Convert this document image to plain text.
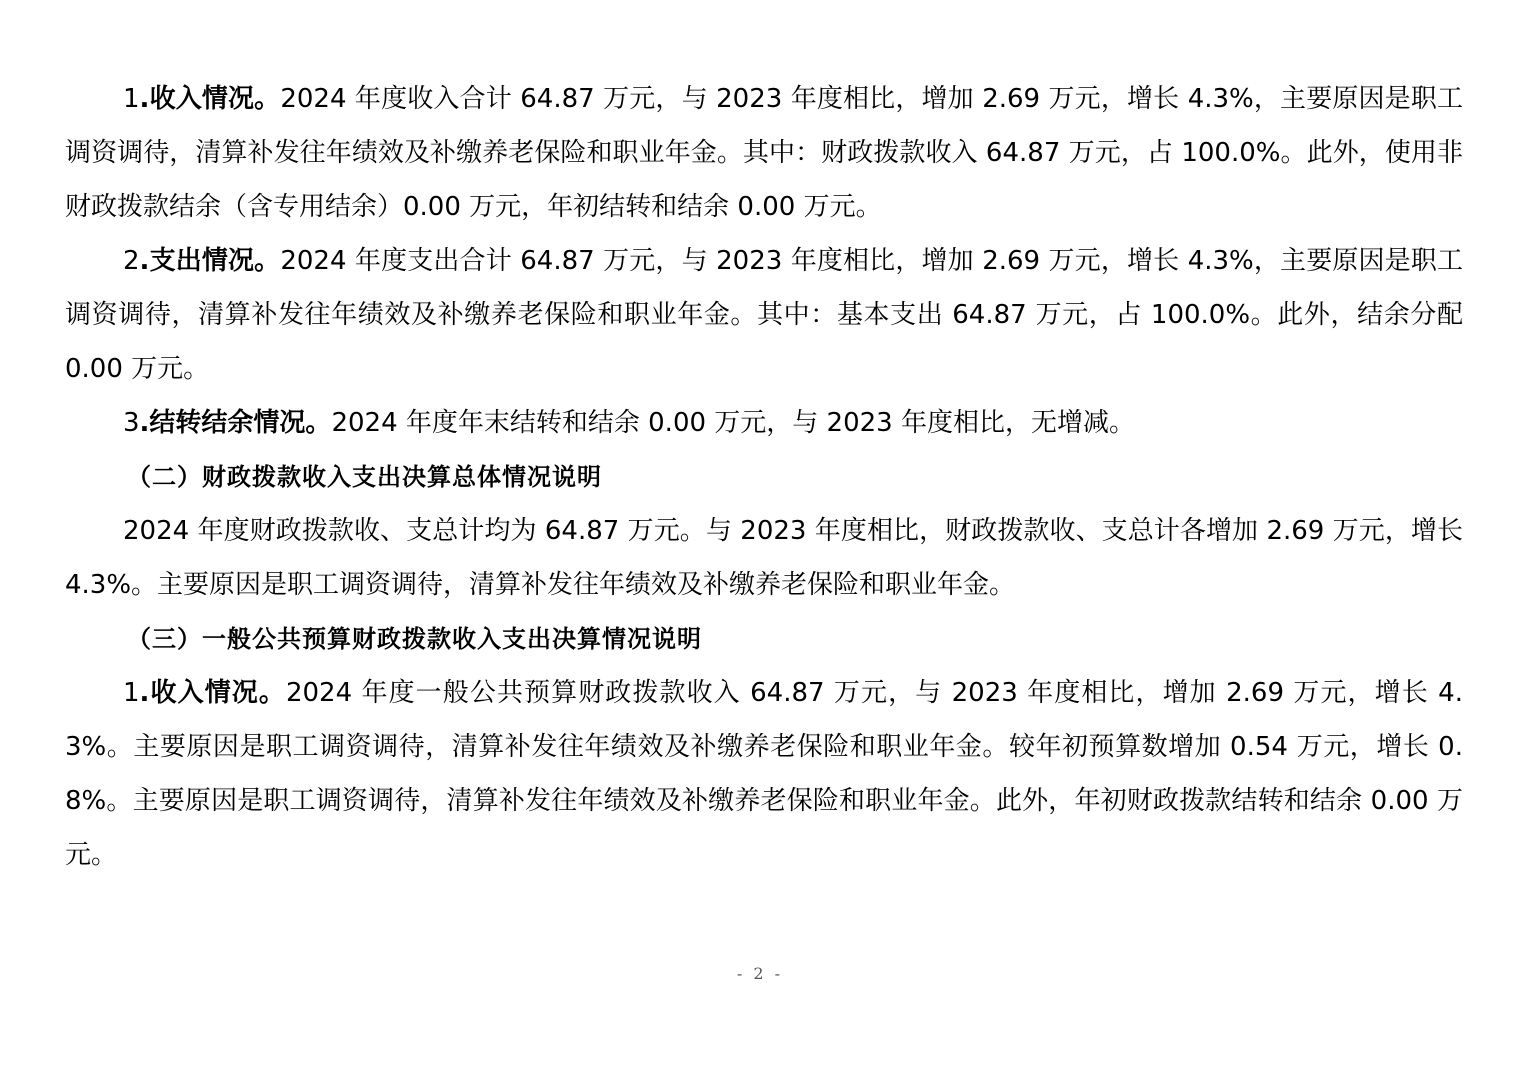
1.收入情况。2024 年度收入合计 64.87 万元，与 2023 年度相比，增加 2.69 万元，增长 4.3%，主要原因是职工调资调待，清算补发往年绩效及补缴养老保险和职业年金。其中：财政拨款收入 64.87 万元，占 100.0%。此外，使用非财政拨款结余（含专用结余）0.00 万元，年初结转和结余 0.00 万元。

2.支出情况。2024 年度支出合计 64.87 万元，与 2023 年度相比，增加 2.69 万元，增长 4.3%，主要原因是职工调资调待，清算补发往年绩效及补缴养老保险和职业年金。其中：基本支出 64.87 万元，占 100.0%。此外，结余分配 0.00 万元。

3.结转结余情况。2024 年度年末结转和结余 0.00 万元，与 2023 年度相比，无增减。

（二）财政拨款收入支出决算总体情况说明

2024 年度财政拨款收、支总计均为 64.87 万元。与 2023 年度相比，财政拨款收、支总计各增加 2.69 万元，增长 4.3%。主要原因是职工调资调待，清算补发往年绩效及补缴养老保险和职业年金。

（三）一般公共预算财政拨款收入支出决算情况说明

1.收入情况。2024 年度一般公共预算财政拨款收入 64.87 万元，与 2023 年度相比，增加 2.69 万元，增长 4.3%。主要原因是职工调资调待，清算补发往年绩效及补缴养老保险和职业年金。较年初预算数增加 0.54 万元，增长 0.8%。主要原因是职工调资调待，清算补发往年绩效及补缴养老保险和职业年金。此外，年初财政拨款结转和结余 0.00 万元。

- 2 -
